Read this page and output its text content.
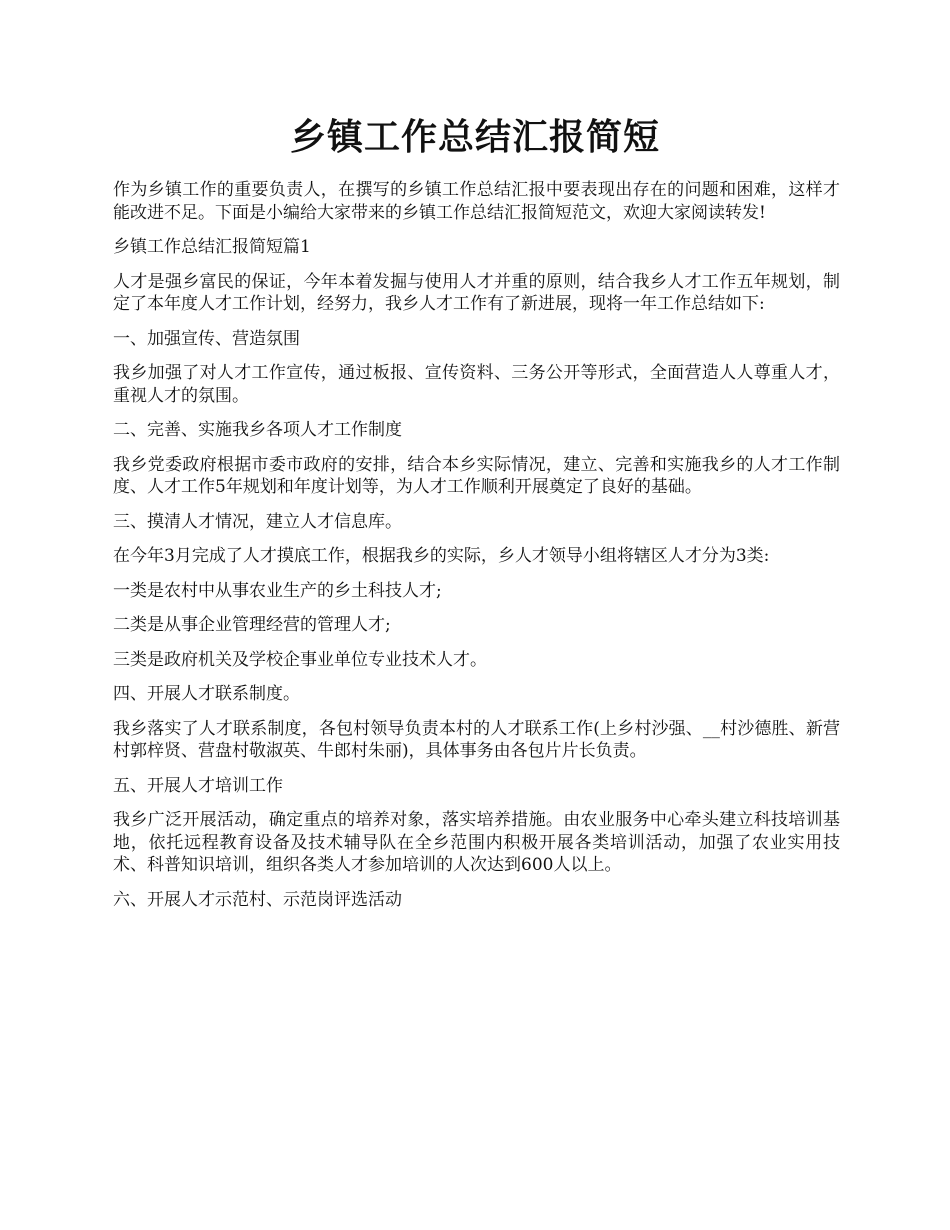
乡镇工作总结汇报简短

作为乡镇工作的重要负责人，在撰写的乡镇工作总结汇报中要表现出存在的问题和困难，这样才能改进不足。下面是小编给大家带来的乡镇工作总结汇报简短范文，欢迎大家阅读转发!

乡镇工作总结汇报简短篇1

人才是强乡富民的保证，今年本着发掘与使用人才并重的原则，结合我乡人才工作五年规划，制定了本年度人才工作计划，经努力，我乡人才工作有了新进展，现将一年工作总结如下:

一、加强宣传、营造氛围

我乡加强了对人才工作宣传，通过板报、宣传资料、三务公开等形式，全面营造人人尊重人才，重视人才的氛围。

二、完善、实施我乡各项人才工作制度

我乡党委政府根据市委市政府的安排，结合本乡实际情况，建立、完善和实施我乡的人才工作制度、人才工作5年规划和年度计划等，为人才工作顺利开展奠定了良好的基础。

三、摸清人才情况，建立人才信息库。

在今年3月完成了人才摸底工作，根据我乡的实际，乡人才领导小组将辖区人才分为3类:

一类是农村中从事农业生产的乡土科技人才;

二类是从事企业管理经营的管理人才;

三类是政府机关及学校企事业单位专业技术人才。

四、开展人才联系制度。

我乡落实了人才联系制度，各包村领导负责本村的人才联系工作(上乡村沙强、__村沙德胜、新营村郭梓贤、营盘村敬淑英、牛郎村朱丽)，具体事务由各包片片长负责。

五、开展人才培训工作

我乡广泛开展活动，确定重点的培养对象，落实培养措施。由农业服务中心牵头建立科技培训基地，依托远程教育设备及技术辅导队在全乡范围内积极开展各类培训活动，加强了农业实用技术、科普知识培训，组织各类人才参加培训的人次达到600人以上。

六、开展人才示范村、示范岗评选活动
